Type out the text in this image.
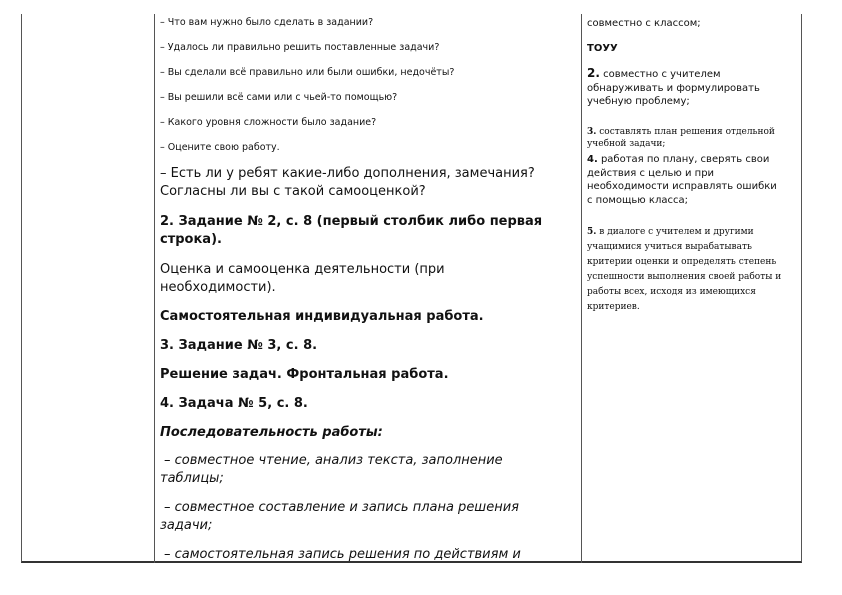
– Что вам нужно было сделать в задании?

– Удалось ли правильно решить поставленные задачи?

– Вы сделали всё правильно или были ошибки, недочёты?

– Вы решили всё сами или с чьей-то помощью?

– Какого уровня сложности было задание?

– Оцените свою работу.

– Есть ли у ребят какие-либо дополнения, замечания?

Согласны ли вы с такой самооценкой?

2. Задание № 2, с. 8 (первый столбик либо первая

строка).

Оценка и самооценка деятельности (при

необходимости).

Самостоятельная индивидуальная работа.

3. Задание № 3, с. 8.

Решение задач. Фронтальная работа.

4. Задача № 5, с. 8.

Последовательность работы:

– совместное чтение, анализ текста, заполнение

таблицы;

– совместное составление и запись плана решения

задачи;

– самостоятельная запись решения по действиям и

совместно с классом;

ТОУУ

2. совместно с учителем
обнаруживать и формулировать
учебную проблему;
3. составлять план решения отдельной
учебной задачи;
4. работая по плану, сверять свои
действия с целью и при
необходимости исправлять ошибки
с помощью класса;
5. в диалоге с учителем и другими
учащимися учиться вырабатывать
критерии оценки и определять степень
успешности выполнения своей работы и
работы всех, исходя из имеющихся
критериев.
